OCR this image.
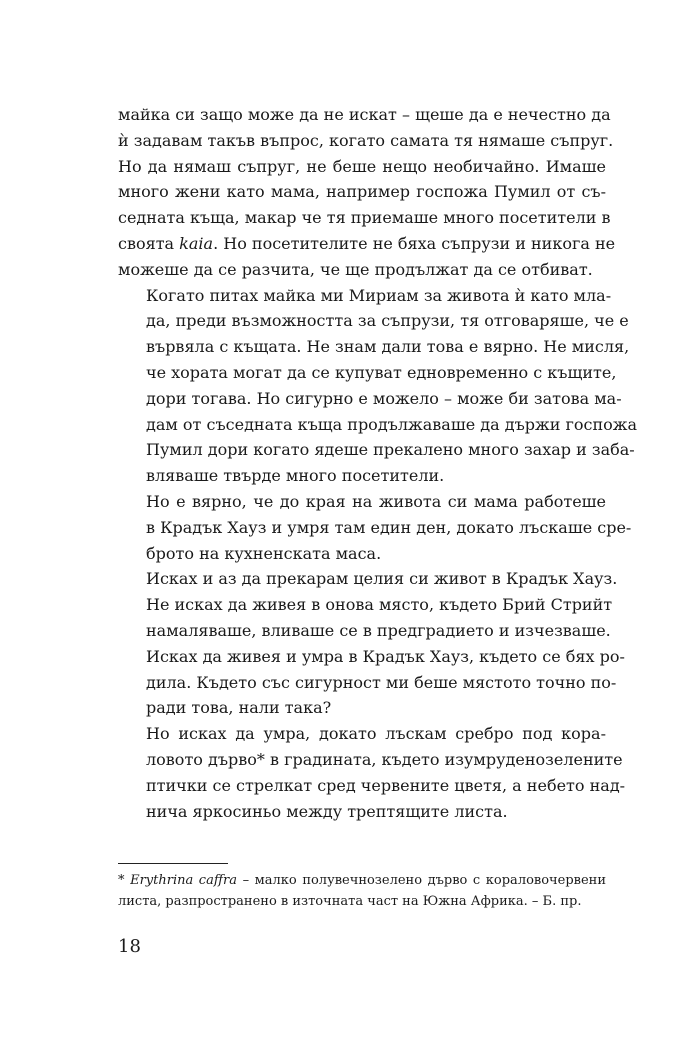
майка си защо може да не искат – щеше да е нечестно да
ѝ задавам такъв въпрос, когато самата тя нямаше съпруг.
Но да нямаш съпруг, не беше нещо необичайно. Имаше
много жени като мама, например госпожа Пумил от съ-
седната къща, макар че тя приемаше много посетители в
своята kaia. Но посетителите не бяха съпрузи и никога не
можеше да се разчита, че ще продължат да се отбиват.
Когато питах майка ми Мириам за живота ѝ като мла-
да, преди възможността за съпрузи, тя отговаряше, че е
вървяла с къщата. Не знам дали това е вярно. Не мисля,
че хората могат да се купуват едновременно с къщите,
дори тогава. Но сигурно е можело – може би затова ма-
дам от съседната къща продължаваше да държи госпожа
Пумил дори когато ядеше прекалено много захар и заба-
вляваше твърде много посетители.
Но е вярно, че до края на живота си мама работеше
в Крадък Хауз и умря там един ден, докато лъскаше сре-
брото на кухненската маса.
Исках и аз да прекарам целия си живот в Крадък Хауз.
Не исках да живея в онова място, където Брий Стрийт
намаляваше, вливаше се в предградието и изчезваше.
Исках да живея и умра в Крадък Хауз, където се бях ро-
дила. Където със сигурност ми беше мястото точно по-
ради това, нали така?
Но исках да умра, докато лъскам сребро под кора-
ловото дърво* в градината, където изумруденозелените
птички се стрелкат сред червените цветя, а небето над-
нича яркосиньо между трептящите листа.
* Erythrina caffra – малко полувечнозелено дърво с кораловочервени
листа, разпространено в източната част на Южна Африка. – Б. пр.
18
